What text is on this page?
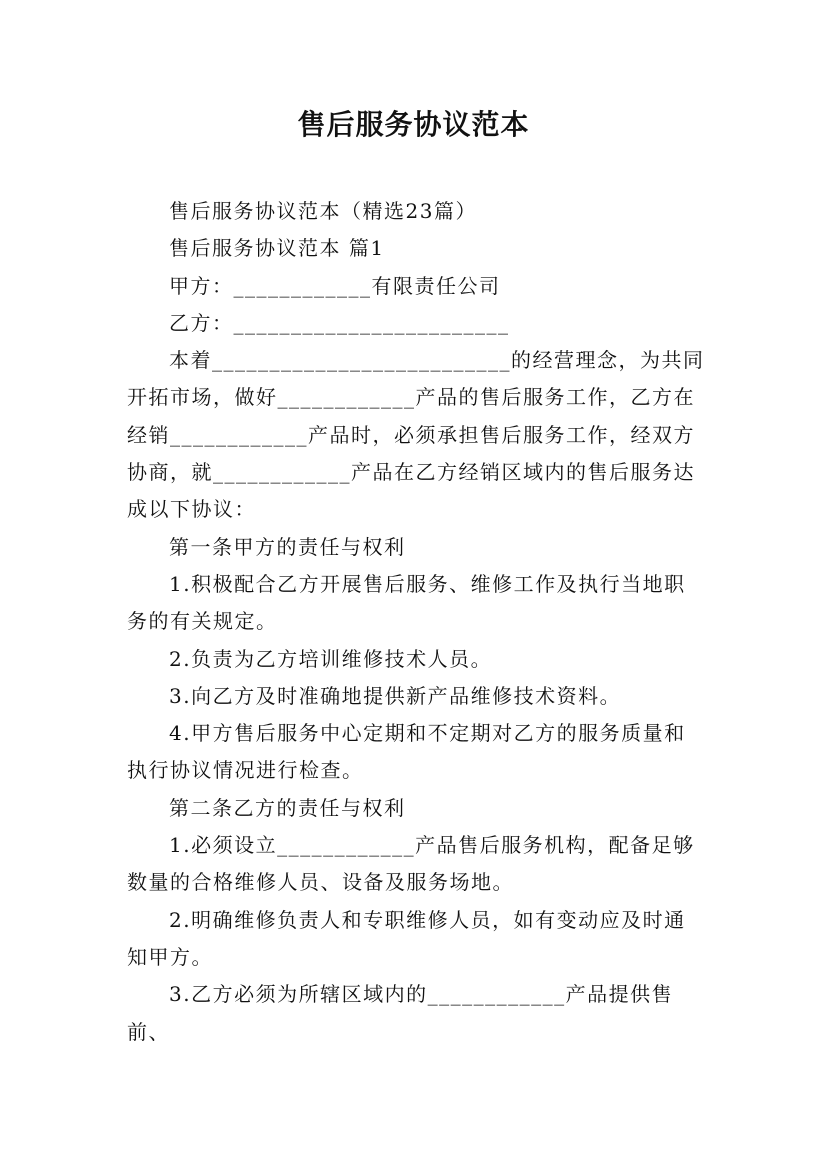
售后服务协议范本

售后服务协议范本（精选23篇）

售后服务协议范本 篇1

甲方：____________有限责任公司

乙方：________________________

本着__________________________的经营理念，为共同开拓市场，做好____________产品的售后服务工作，乙方在经销____________产品时，必须承担售后服务工作，经双方协商，就____________产品在乙方经销区域内的售后服务达成以下协议：

第一条甲方的责任与权利

1.积极配合乙方开展售后服务、维修工作及执行当地职务的有关规定。

2.负责为乙方培训维修技术人员。

3.向乙方及时准确地提供新产品维修技术资料。

4.甲方售后服务中心定期和不定期对乙方的服务质量和执行协议情况进行检查。

第二条乙方的责任与权利

1.必须设立____________产品售后服务机构，配备足够数量的合格维修人员、设备及服务场地。

2.明确维修负责人和专职维修人员，如有变动应及时通知甲方。

3.乙方必须为所辖区域内的____________产品提供售前、
